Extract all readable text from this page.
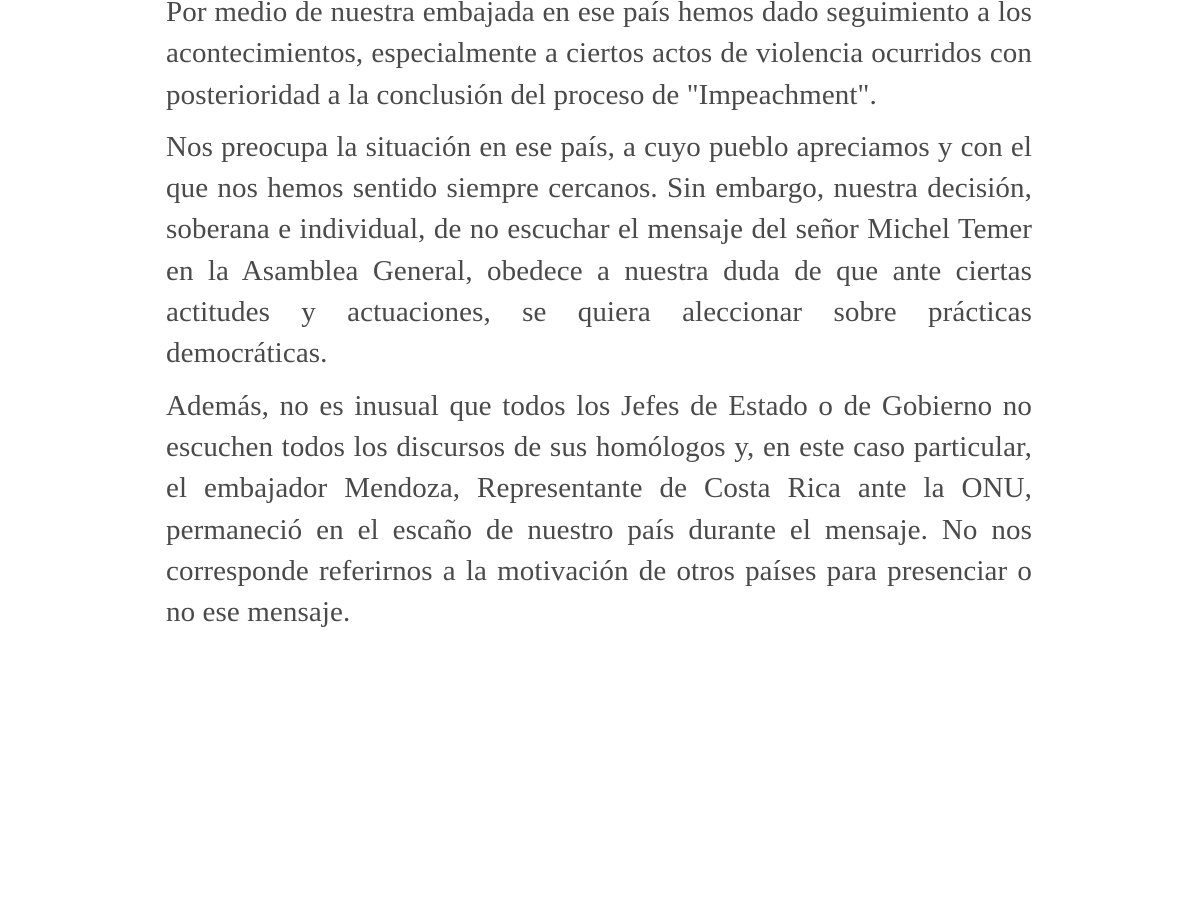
Por medio de nuestra embajada en ese país hemos dado seguimiento a los acontecimientos, especialmente a ciertos actos de violencia ocurridos con posterioridad a la conclusión del proceso de "Impeachment".

Nos preocupa la situación en ese país, a cuyo pueblo apreciamos y con el que nos hemos sentido siempre cercanos. Sin embargo, nuestra decisión, soberana e individual, de no escuchar el mensaje del señor Michel Temer en la Asamblea General, obedece a nuestra duda de que ante ciertas actitudes y actuaciones, se quiera aleccionar sobre prácticas democráticas.

Además, no es inusual que todos los Jefes de Estado o de Gobierno no escuchen todos los discursos de sus homólogos y, en este caso particular, el embajador Mendoza, Representante de Costa Rica ante la ONU, permaneció en el escaño de nuestro país durante el mensaje. No nos corresponde referirnos a la motivación de otros países para presenciar o no ese mensaje.
